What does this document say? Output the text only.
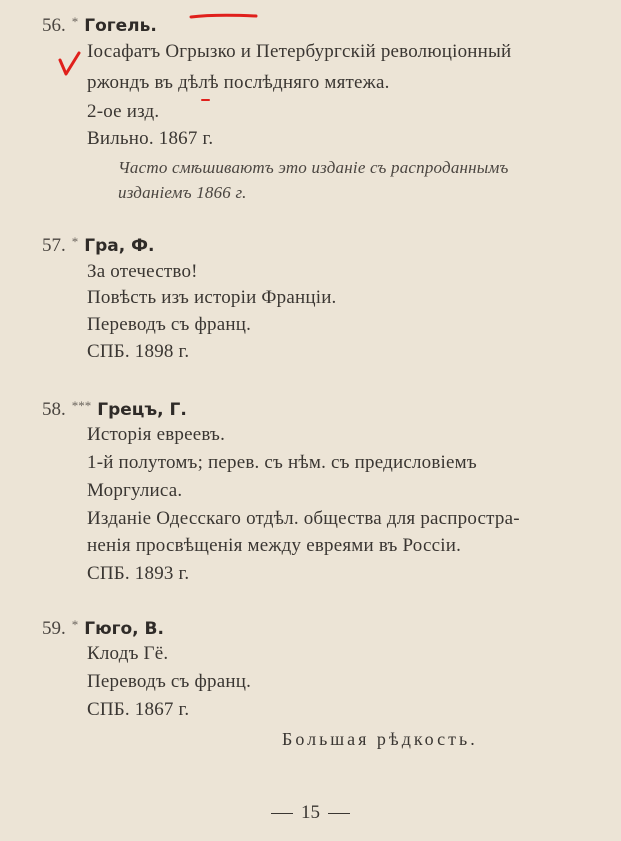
56. * Гогель.
Іосафатъ Огрызко и Петербургскій революціонный
ржондъ въ дѣлѣ послѣдняго мятежа.
2-ое изд.
Вильно. 1867 г.
Часто смѣшиваютъ это изданіе съ распроданнымъ
изданіемъ 1866 г.
57. * Гра, Ф.
За отечество!
Повѣсть изъ исторіи Франціи.
Переводъ съ франц.
СПБ. 1898 г.
58. *** Грецъ, Г.
Исторія евреевъ.
1-й полутомъ; перев. съ нѣм. съ предисловіемъ
Моргулиса.
Изданіе Одесскаго отдѣл. общества для распростра-
ненія просвѣщенія между евреями въ Россіи.
СПБ. 1893 г.
59. * Гюго, В.
Клодъ Гё.
Переводъ съ франц.
СПБ. 1867 г.
Большая рѣдкость.
15
